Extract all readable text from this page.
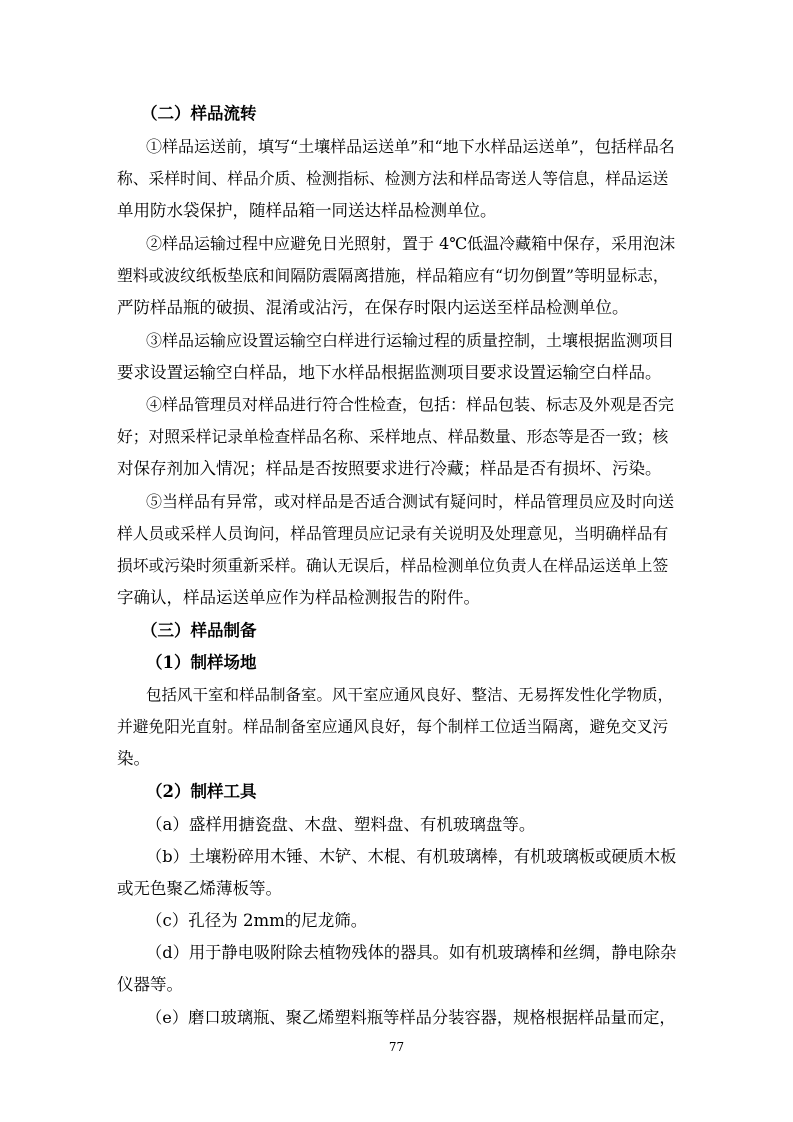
（二）样品流转
①样品运送前，填写“土壤样品运送单”和“地下水样品运送单”，包括样品名
称、采样时间、样品介质、检测指标、检测方法和样品寄送人等信息，样品运送
单用防水袋保护，随样品箱一同送达样品检测单位。
②样品运输过程中应避免日光照射，置于 4℃低温冷藏箱中保存，采用泡沫
塑料或波纹纸板垫底和间隔防震隔离措施，样品箱应有“切勿倒置”等明显标志，
严防样品瓶的破损、混淆或沾污，在保存时限内运送至样品检测单位。
③样品运输应设置运输空白样进行运输过程的质量控制，土壤根据监测项目
要求设置运输空白样品，地下水样品根据监测项目要求设置运输空白样品。
④样品管理员对样品进行符合性检查，包括：样品包装、标志及外观是否完
好；对照采样记录单检查样品名称、采样地点、样品数量、形态等是否一致；核
对保存剂加入情况；样品是否按照要求进行冷藏；样品是否有损坏、污染。
⑤当样品有异常，或对样品是否适合测试有疑问时，样品管理员应及时向送
样人员或采样人员询问，样品管理员应记录有关说明及处理意见，当明确样品有
损坏或污染时须重新采样。确认无误后，样品检测单位负责人在样品运送单上签
字确认，样品运送单应作为样品检测报告的附件。
（三）样品制备
（1）制样场地
包括风干室和样品制备室。风干室应通风良好、整洁、无易挥发性化学物质，
并避免阳光直射。样品制备室应通风良好，每个制样工位适当隔离，避免交叉污
染。
（2）制样工具
（a）盛样用搪瓷盘、木盘、塑料盘、有机玻璃盘等。
（b）土壤粉碎用木锤、木铲、木棍、有机玻璃棒，有机玻璃板或硬质木板
或无色聚乙烯薄板等。
（c）孔径为 2mm的尼龙筛。
（d）用于静电吸附除去植物残体的器具。如有机玻璃棒和丝绸，静电除杂
仪器等。
（e）磨口玻璃瓶、聚乙烯塑料瓶等样品分装容器，规格根据样品量而定，
77
